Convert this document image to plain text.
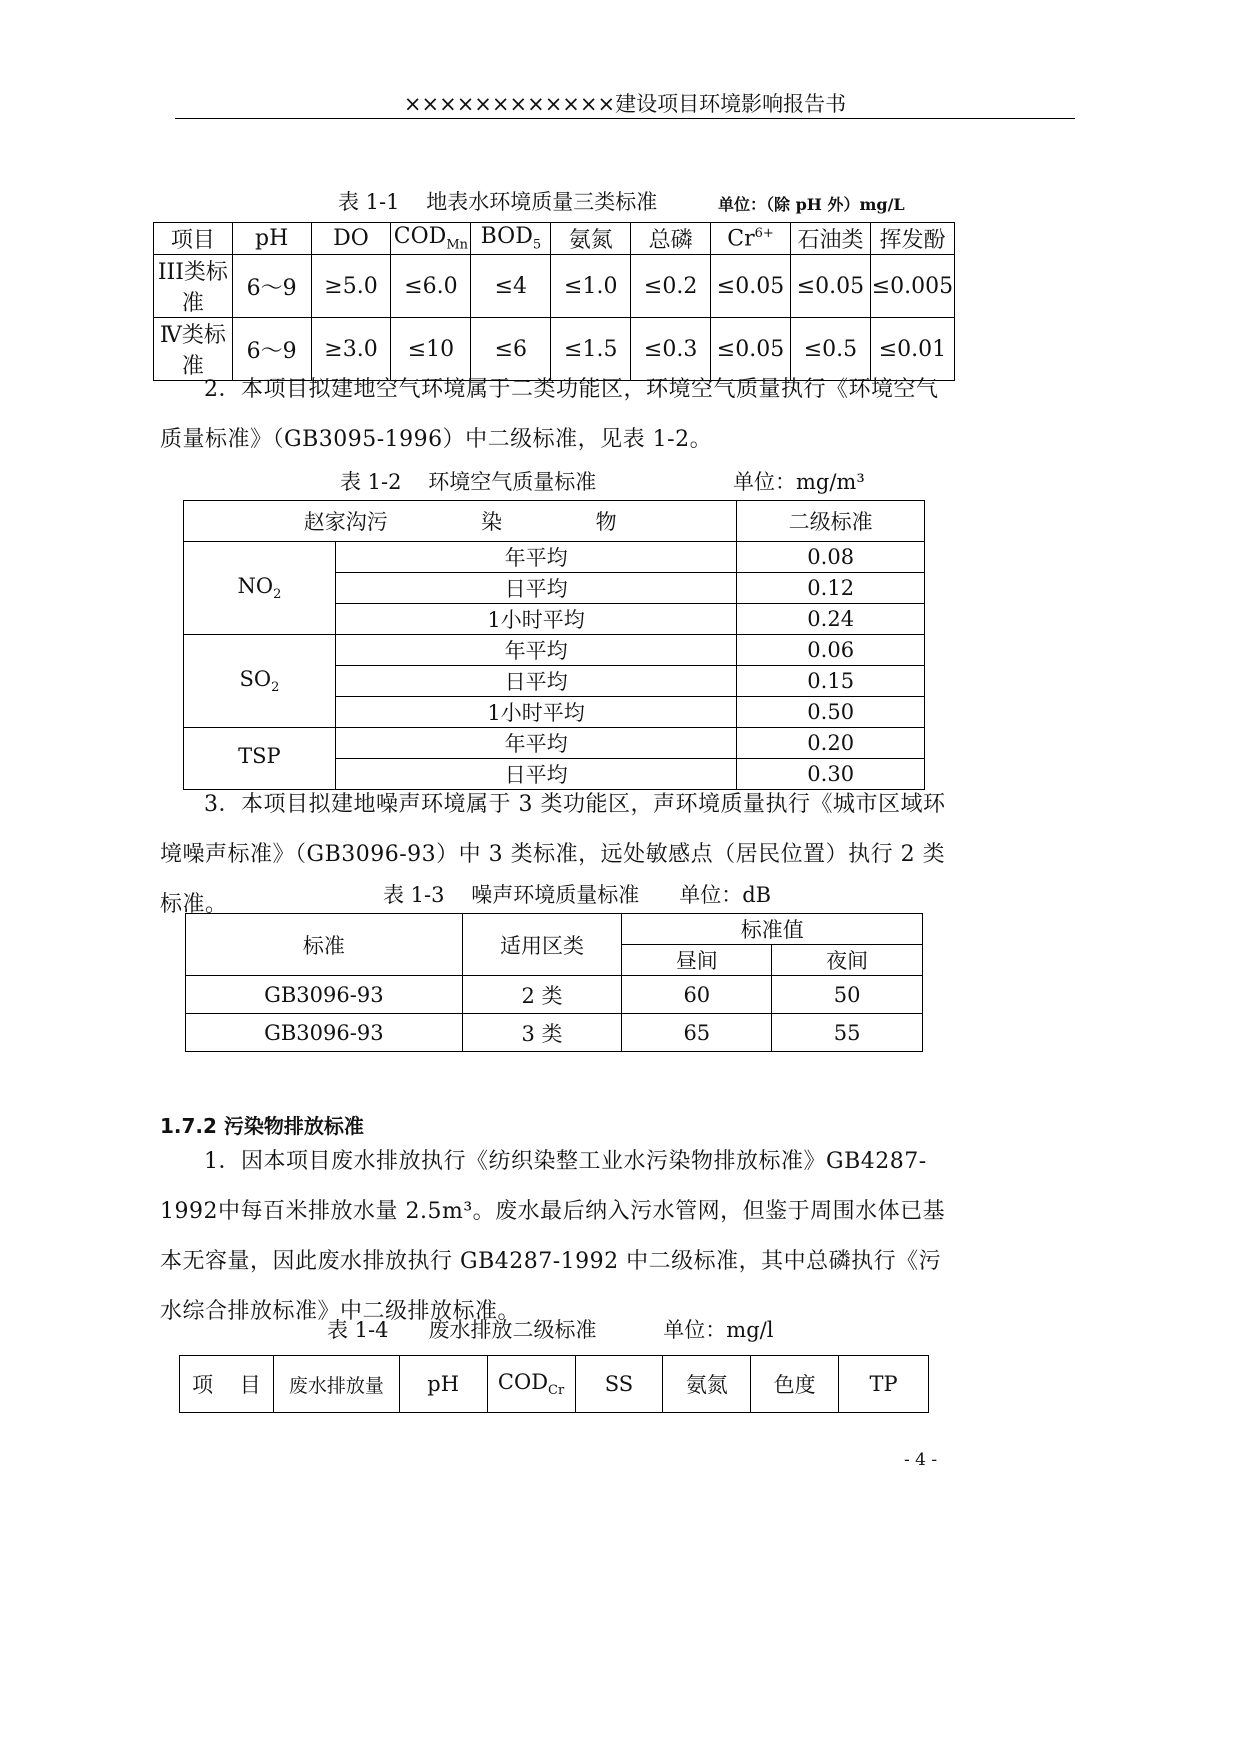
××××××××××××建设项目环境影响报告书
表 1-1    地表水环境质量三类标准	单位：（除 pH 外）mg/L
项目	pH	DO	$COD_{Mn}$	$BOD_5$	氨氮	总磷	$Cr^{6+}$	石油类	挥发酚
III类标准	6～9	≥5.0	≤6.0	≤4	≤1.0	≤0.2	≤0.05	≤0.05	≤0.005
Ⅳ类标准	6～9	≥3.0	≤10	≤6	≤1.5	≤0.3	≤0.05	≤0.5	≤0.01
2．本项目拟建地空气环境属于二类功能区，环境空气质量执行《环境空气质量标准》（GB3095-1996）中二级标准，见表 1-2。
表 1-2    环境空气质量标准	单位：mg/m³
赵家沟污              染              物		二级标准
$NO_2$	年平均	0.08
	日平均	0.12
	1小时平均	0.24
$SO_2$	年平均	0.06
	日平均	0.15
	1小时平均	0.50
TSP	年平均	0.20
	日平均	0.30
3．本项目拟建地噪声环境属于 3 类功能区，声环境质量执行《城市区域环境噪声标准》（GB3096-93）中 3 类标准，远处敏感点（居民位置）执行 2 类标准。	表 1-3    噪声环境质量标准      单位：dB
标准	适用区类	标准值	
		昼间	夜间
GB3096-93	2 类	60	50
GB3096-93	3 类	65	55
1.7.2 污染物排放标准
1．因本项目废水排放执行《纺织染整工业水污染物排放标准》GB4287-1992中每百米排放水量 2.5m³。废水最后纳入污水管网，但鉴于周围水体已基本无容量，因此废水排放执行 GB4287-1992 中二级标准，其中总磷执行《污水综合排放标准》中二级排放标准。
表 1-4      废水排放二级标准          单位：mg/l
项    目	废水排放量	pH	$COD_{Cr}$	SS	氨氮	色度	TP
- 4 -
